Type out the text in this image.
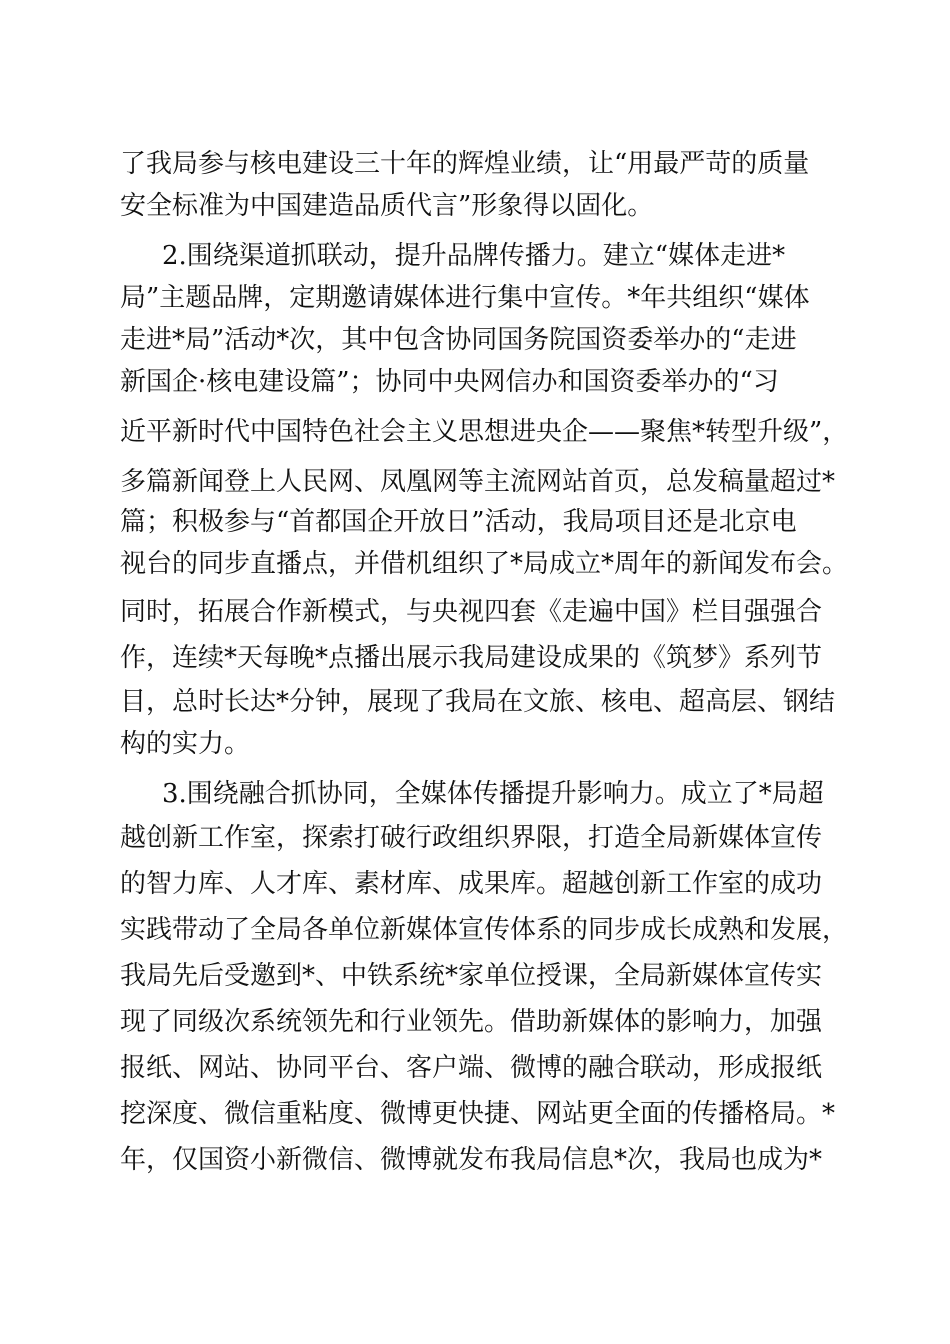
了我局参与核电建设三十年的辉煌业绩，让“用最严苛的质量
安全标准为中国建造品质代言”形象得以固化。
2.围绕渠道抓联动，提升品牌传播力。建立“媒体走进*
局”主题品牌，定期邀请媒体进行集中宣传。*年共组织“媒体
走进*局”活动*次，其中包含协同国务院国资委举办的“走进
新国企·核电建设篇”；协同中央网信办和国资委举办的“习
近平新时代中国特色社会主义思想进央企——聚焦*转型升级”，
多篇新闻登上人民网、凤凰网等主流网站首页，总发稿量超过*
篇；积极参与“首都国企开放日”活动，我局项目还是北京电
视台的同步直播点，并借机组织了*局成立*周年的新闻发布会。
同时，拓展合作新模式，与央视四套《走遍中国》栏目强强合
作，连续*天每晚*点播出展示我局建设成果的《筑梦》系列节
目，总时长达*分钟，展现了我局在文旅、核电、超高层、钢结
构的实力。
3.围绕融合抓协同，全媒体传播提升影响力。成立了*局超
越创新工作室，探索打破行政组织界限，打造全局新媒体宣传
的智力库、人才库、素材库、成果库。超越创新工作室的成功
实践带动了全局各单位新媒体宣传体系的同步成长成熟和发展，
我局先后受邀到*、中铁系统*家单位授课，全局新媒体宣传实
现了同级次系统领先和行业领先。借助新媒体的影响力，加强
报纸、网站、协同平台、客户端、微博的融合联动，形成报纸
挖深度、微信重粘度、微博更快捷、网站更全面的传播格局。*
年，仅国资小新微信、微博就发布我局信息*次，我局也成为*
